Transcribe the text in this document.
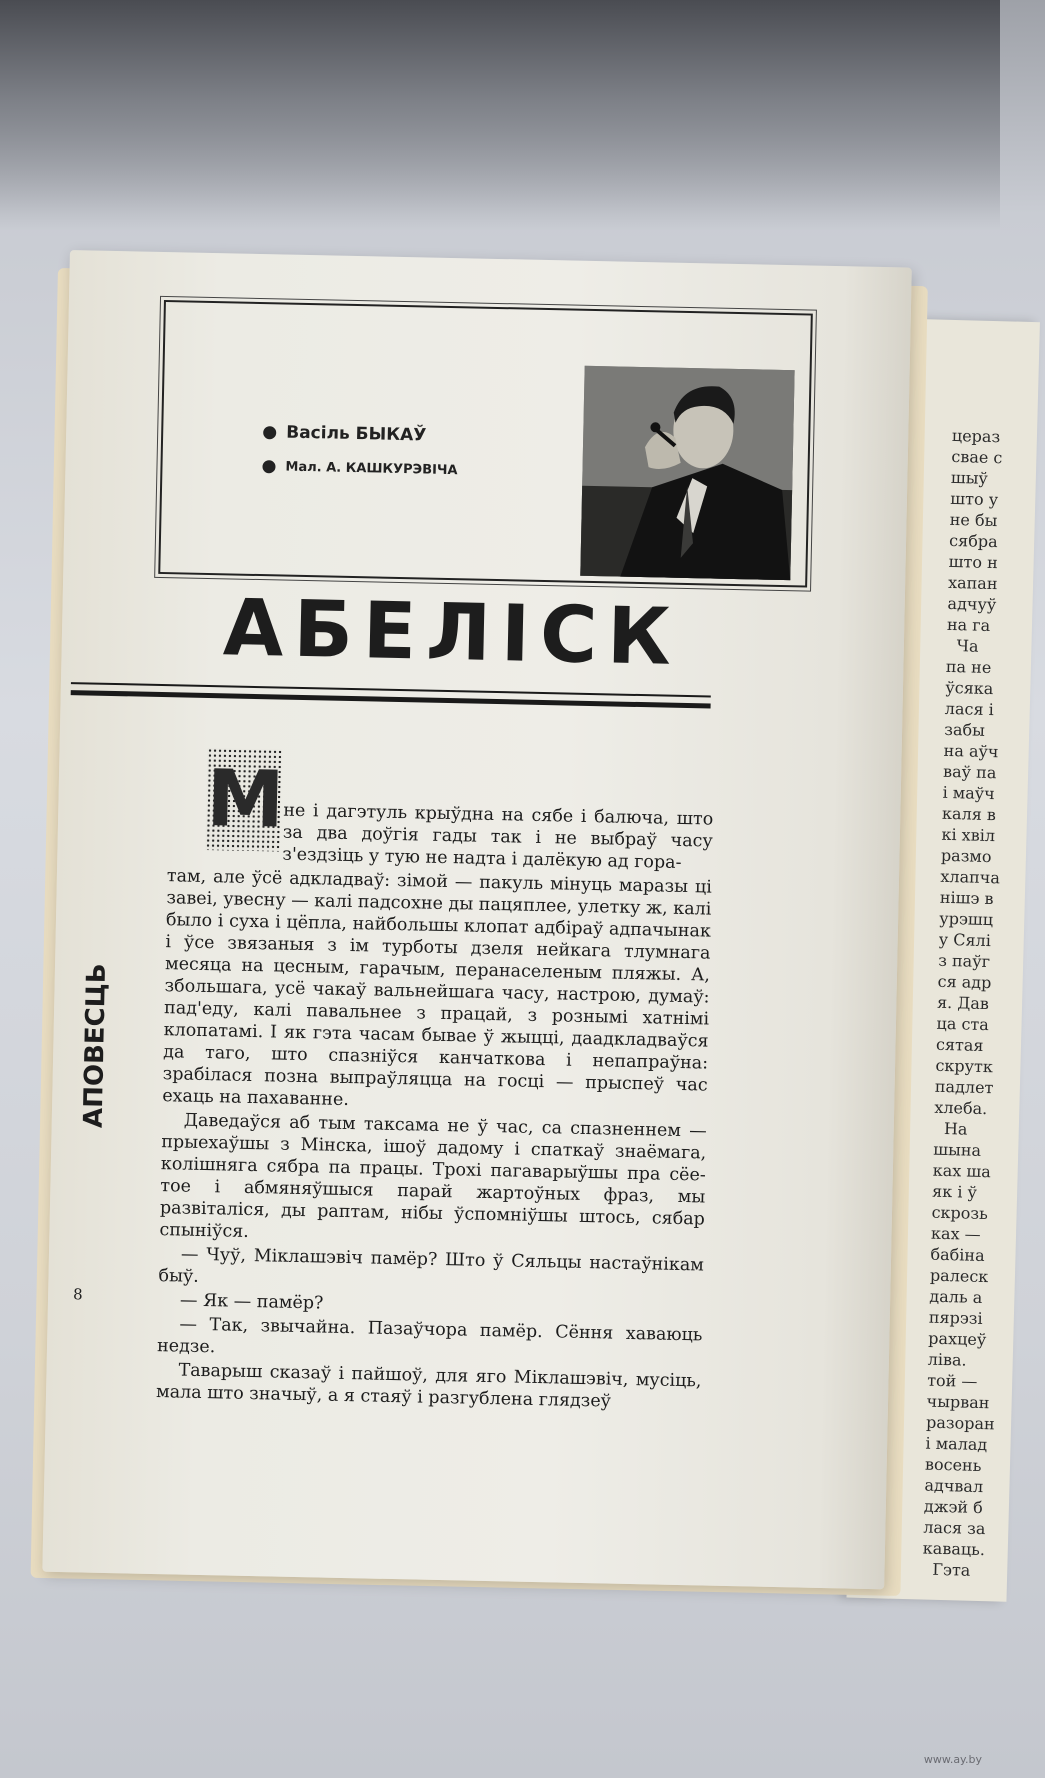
цераз
свае с
шыў
што у
не бы
сябра
што н
хапан
адчуў
на га
Ча
па не
ўсяка
лася і
забы
на аўч
ваў па
і маўч
каля в
кі хвіл
размо
хлапча
нішэ в
урэшц
у Сялі
з паўг
ся адр
я. Дав
ца ста
сятая
скрутк
падлет
хлеба.
На
шына
ках ша
як і ў
скрозь
ках —
бабіна
ралеск
даль а
пярэзі
рахцеў
ліва.
той —
чырван
разоран
і малад
восень
адчвал
джэй б
лася за
каваць.
Гэта
Васіль БЫКАЎ
Мал. А. КАШКУРЭВІЧА
АБЕЛІСК
АПОВЕСЦЬ
М

не і дагэтуль крыўдна на сябе і балюча, што за два доўгія гады так і не выбраў часу з'ездзіць у тую не надта і далёкую ад гора-

там, але ўсё адкладваў: зімой — пакуль мінуць маразы ці завеі, увесну — калі падсохне ды пацяплее, улетку ж, калі было і суха і цёпла, найбольшы клопат адбіраў адпачынак і ўсе звязаныя з ім турботы дзеля нейкага тлумнага месяца на цесным, гарачым, перанаселеным пляжы. А, збольшага, усё чакаў вальнейшага часу, настрою, думаў: пад'еду, калі павальнее з працай, з рознымі хатнімі клопатамі. І як гэта часам бывае ў жыцці, даадкладваўся да таго, што спазніўся канчаткова і непапраўна: зрабілася позна выпраўляцца на госці — прыспеў час ехаць на пахаванне.

Даведаўся аб тым таксама не ў час, са спазненнем — прыехаўшы з Мінска, ішоў дадому і спаткаў знаёмага, колішняга сябра па працы. Трохі пагаварыўшы пра сёе-тое і абмяняўшыся парай жартоўных фраз, мы развіталіся, ды раптам, нібы ўспомніўшы штось, сябар спыніўся.

— Чуў, Міклашэвіч памёр? Што ў Сяльцы настаўнікам быў.

— Як — памёр?

— Так, звычайна. Пазаўчора памёр. Сёння хаваюць недзе.

Таварыш сказаў і пайшоў, для яго Міклашэвіч, мусіць, мала што значыў, а я стаяў і разгублена глядзеў

8
www.ay.by
